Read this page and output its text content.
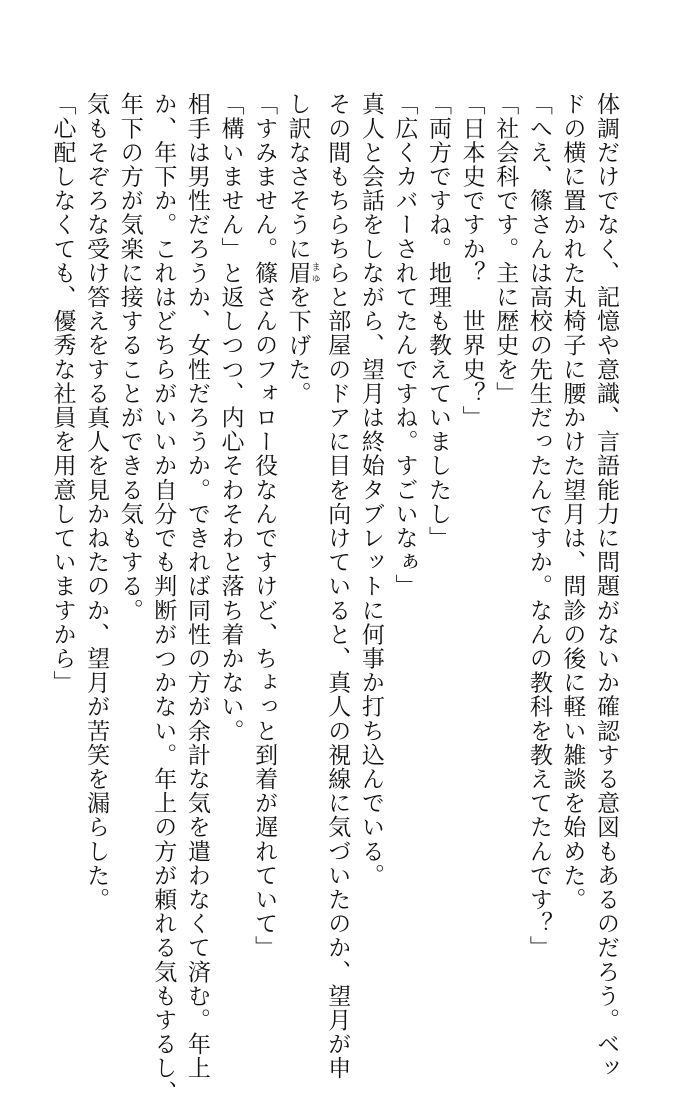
体調だけでなく、記憶や意識、言語能力に問題がないか確認する意図もあるのだろう。ベッ

ドの横に置かれた丸椅子に腰かけた望月は、問診の後に軽い雑談を始めた。

「へえ、篠さんは高校の先生だったんですか。なんの教科を教えてたんです？」

「社会科です。主に歴史を」

「日本史ですか？　世界史？」

「両方ですね。地理も教えていましたし」

「広くカバーされてたんですね。すごいなぁ」

真人と会話をしながら、望月は終始タブレットに何事か打ち込んでいる。

その間もちらちらと部屋のドアに目を向けていると、真人の視線に気づいたのか、望月が申

し訳なさそうに眉 まゆを下げた。

「すみません。篠さんのフォロー役なんですけど、ちょっと到着が遅れていて」

「構いません」と返しつつ、内心そわそわと落ち着かない。

相手は男性だろうか、女性だろうか。できれば同性の方が余計な気を遣わなくて済む。年上

か、年下か。これはどちらがいいか自分でも判断がつかない。年上の方が頼れる気もするし、

年下の方が気楽に接することができる気もする。

気もそぞろな受け答えをする真人を見かねたのか、望月が苦笑を漏らした。

「心配しなくても、優秀な社員を用意していますから」
